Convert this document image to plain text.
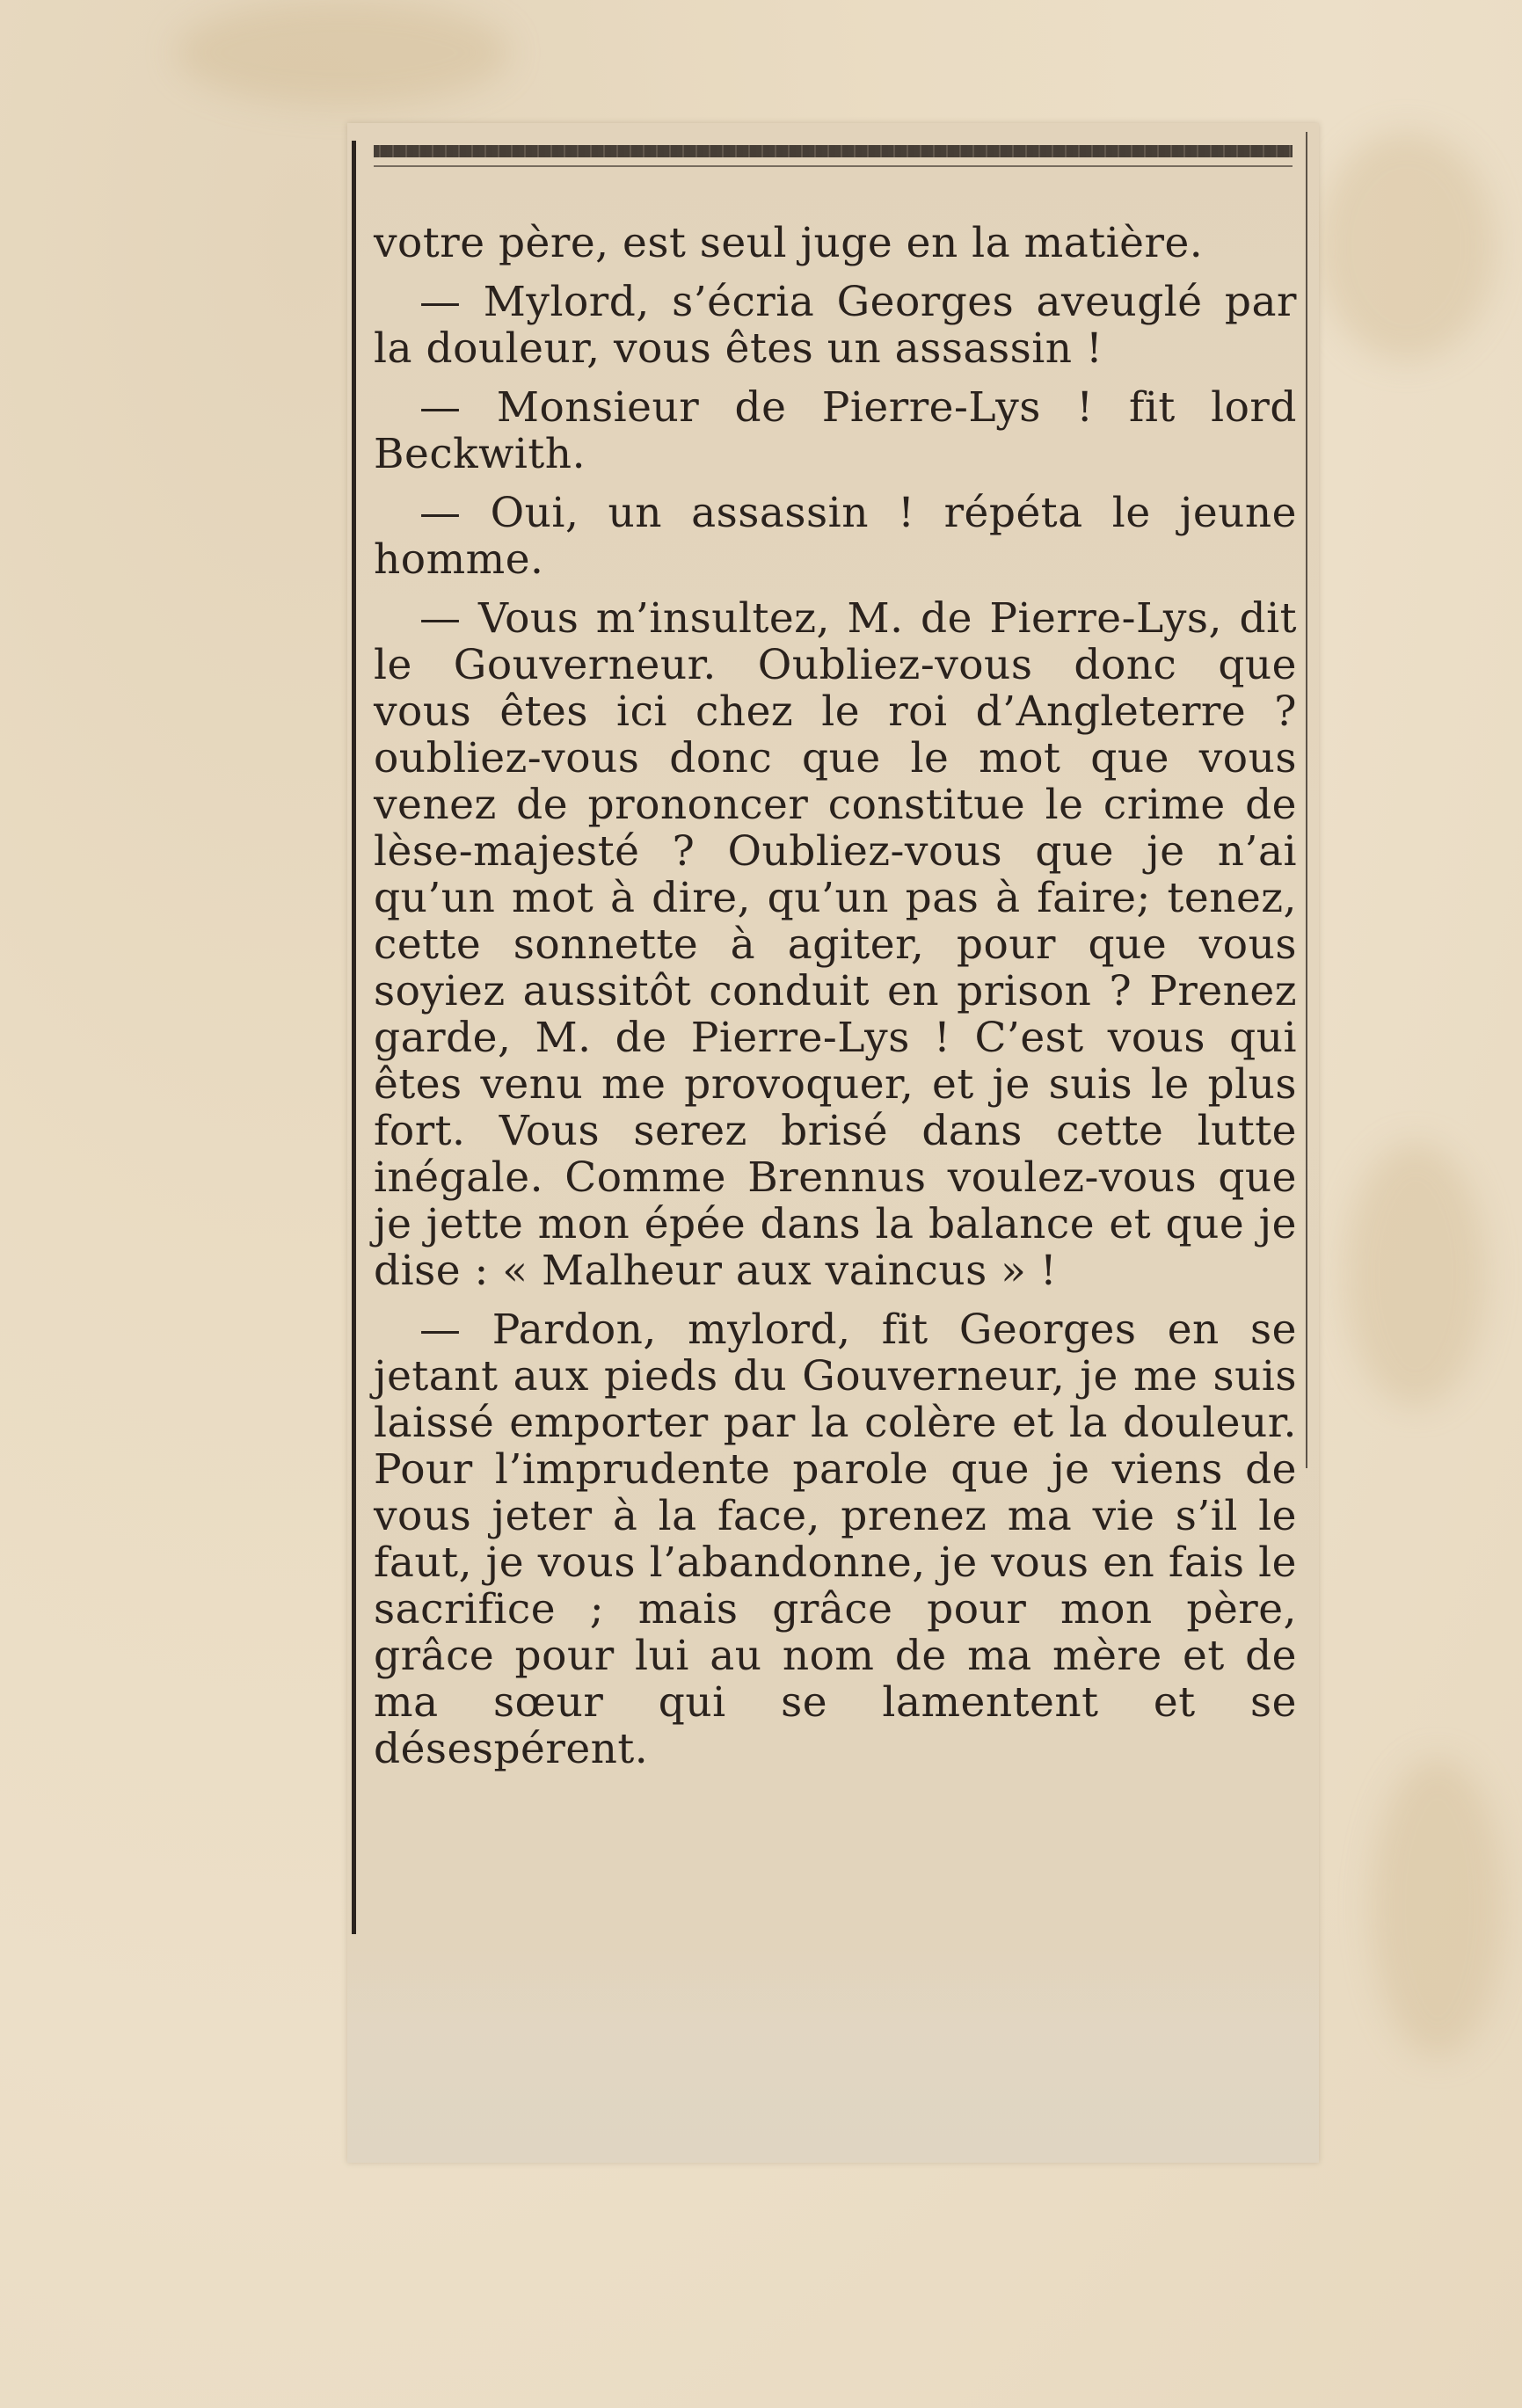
votre père, est seul juge en la matière.

— Mylord, s’écria Georges aveuglé par la douleur, vous êtes un assassin !

— Monsieur de Pierre-Lys ! fit lord Beckwith.

— Oui, un assassin ! répéta le jeune homme.

— Vous m’insultez, M. de Pierre-Lys, dit le Gouverneur. Oubliez-vous donc que vous êtes ici chez le roi d’Angleterre ? oubliez-vous donc que le mot que vous venez de prononcer constitue le crime de lèse-majesté ? Oubliez-vous que je n’ai qu’un mot à dire, qu’un pas à faire; tenez, cette sonnette à agiter, pour que vous soyiez aussitôt conduit en prison ? Prenez garde, M. de Pierre-Lys ! C’est vous qui êtes venu me provoquer, et je suis le plus fort. Vous serez brisé dans cette lutte inégale. Comme Brennus voulez-vous que je jette mon épée dans la balance et que je dise : « Malheur aux vaincus » !

— Pardon, mylord, fit Georges en se jetant aux pieds du Gouverneur, je me suis laissé emporter par la colère et la douleur. Pour l’imprudente parole que je viens de vous jeter à la face, prenez ma vie s’il le faut, je vous l’abandonne, je vous en fais le sacrifice ; mais grâce pour mon père, grâce pour lui au nom de ma mère et de ma sœur qui se lamentent et se désespérent.
